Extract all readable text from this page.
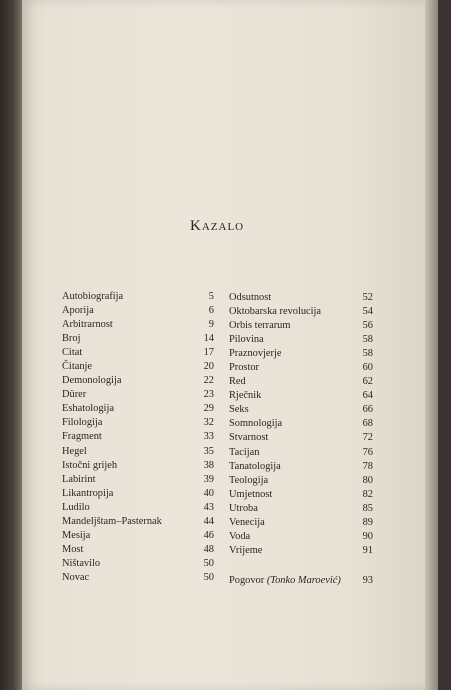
Kazalo
Autobiografija	5
Aporija	6
Arbitrarnost	9
Broj	14
Citat	17
Čitanje	20
Demonologija	22
Dürer	23
Eshatologija	29
Filologija	32
Fragment	33
Hegel	35
Istočni grijeh	38
Labirint	39
Likantropija	40
Ludilo	43
Mandeljštam–Pasternak	44
Mesija	46
Most	48
Ništavilo	50
Novac	50
Odsutnost	52
Oktobarska revolucija	54
Orbis terrarum	56
Pilovina	58
Praznovjerje	58
Prostor	60
Red	62
Rječnik	64
Seks	66
Somnologija	68
Stvarnost	72
Tacijan	76
Tanatologija	78
Teologija	80
Umjetnost	82
Utroba	85
Venecija	89
Voda	90
Vrijeme	91
Pogovor (Tonko Maroević) 93
